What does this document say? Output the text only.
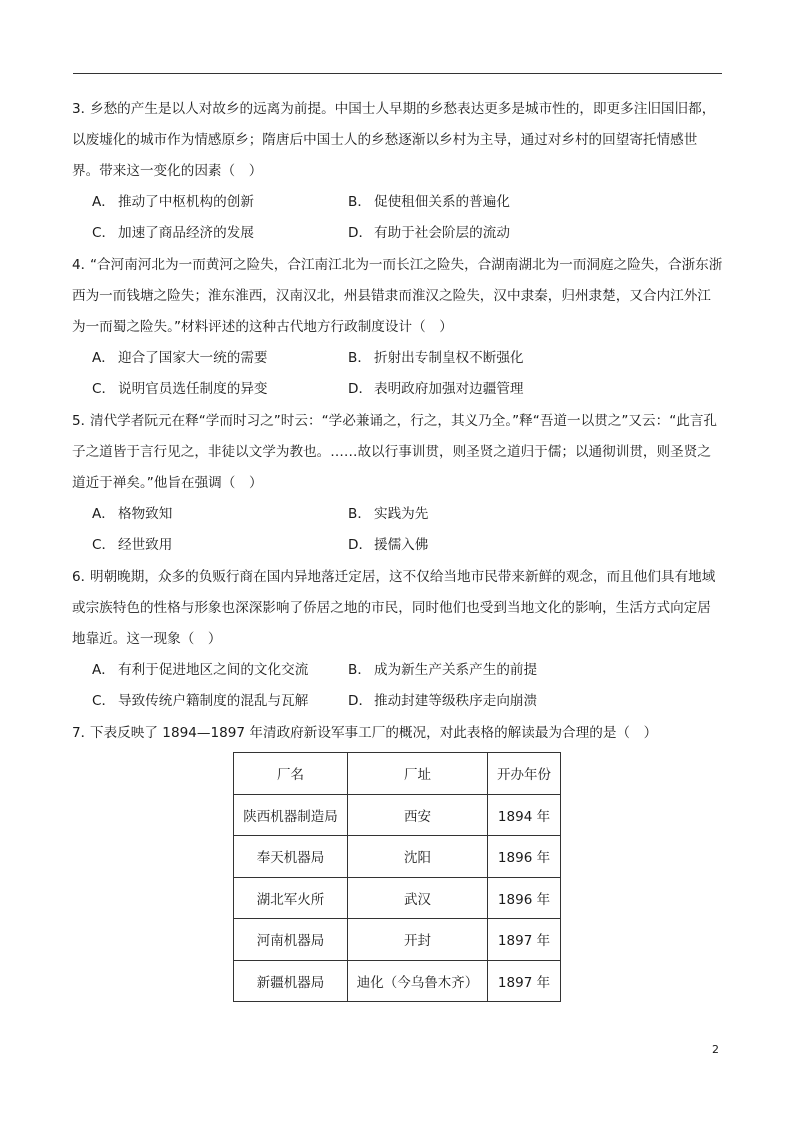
3．乡愁的产生是以人对故乡的远离为前提。中国士人早期的乡愁表达更多是城市性的，即更多注旧国旧都，以废墟化的城市作为情感原乡；隋唐后中国士人的乡愁逐渐以乡村为主导，通过对乡村的回望寄托情感世界。带来这一变化的因素（　）
A． 推动了中枢机构的创新	B． 促使租佃关系的普遍化
C． 加速了商品经济的发展	D． 有助于社会阶层的流动
4．“合河南河北为一而黄河之险失，合江南江北为一而长江之险失，合湖南湖北为一而洞庭之险失，合浙东浙西为一而钱塘之险失；淮东淮西，汉南汉北，州县错隶而淮汉之险失，汉中隶秦，归州隶楚，又合内江外江为一而蜀之险失。”材料评述的这种古代地方行政制度设计（　）
A． 迎合了国家大一统的需要	B． 折射出专制皇权不断强化
C． 说明官员选任制度的异变	D． 表明政府加强对边疆管理
5．清代学者阮元在释“学而时习之”时云：“学必兼诵之，行之，其义乃全。”释“吾道一以贯之”又云：“此言孔子之道皆于言行见之，非徒以文学为教也。……故以行事训贯，则圣贤之道归于儒；以通彻训贯，则圣贤之道近于禅矣。”他旨在强调（　）
A． 格物致知	B． 实践为先
C． 经世致用	D． 援儒入佛
6．明朝晚期，众多的负贩行商在国内异地落迁定居，这不仅给当地市民带来新鲜的观念，而且他们具有地域或宗族特色的性格与形象也深深影响了侨居之地的市民，同时他们也受到当地文化的影响，生活方式向定居地靠近。这一现象（　）
A． 有利于促进地区之间的文化交流	B． 成为新生产关系产生的前提
C． 导致传统户籍制度的混乱与瓦解	D． 推动封建等级秩序走向崩溃
7．下表反映了 1894—1897 年清政府新设军事工厂的概况，对此表格的解读最为合理的是（　）
厂名	厂址	开办年份
陕西机器制造局	西安	1894 年
奉天机器局	沈阳	1896 年
湖北军火所	武汉	1896 年
河南机器局	开封	1897 年
新疆机器局	迪化（今乌鲁木齐）	1897 年
2
